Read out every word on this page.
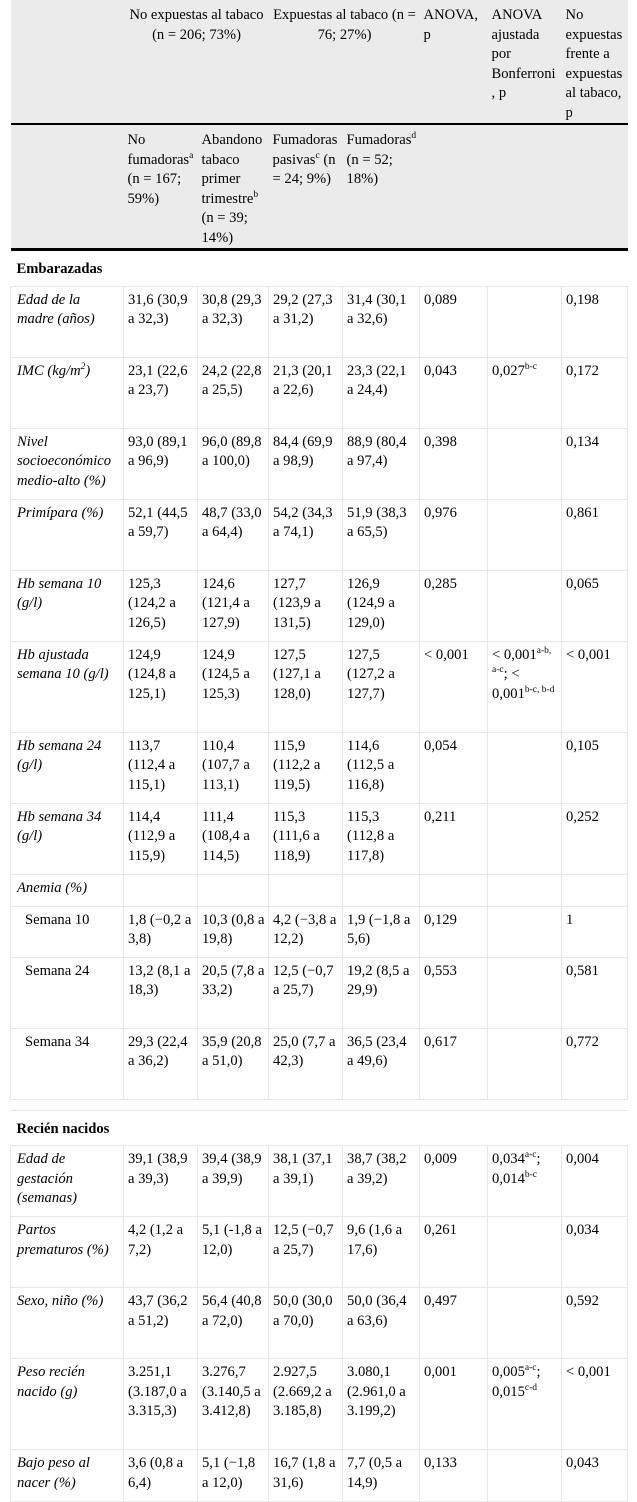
	No expuestas al tabaco (n = 206; 73%)		Expuestas al tabaco (n = 76; 27%)		ANOVA, p	ANOVA ajustada por Bonferroni, p	No expuestas frente a expuestas al tabaco, p
	No fumadoras$^a$ (n = 167; 59%)	Abandono tabaco primer trimestre$^b$ (n = 39; 14%)	Fumadoras pasivas$^c$ (n = 24; 9%)	Fumadoras$^d$ (n = 52; 18%)			
Embarazadas							
Edad de la madre (años)	31,6 (30,9 a 32,3)	30,8 (29,3 a 32,3)	29,2 (27,3 a 31,2)	31,4 (30,1 a 32,6)	0,089		0,198
IMC $(kg/m^2)$	23,1 (22,6 a 23,7)	24,2 (22,8 a 25,5)	21,3 (20,1 a 22,6)	23,3 (22,1 a 24,4)	0,043	0,027$^{b-c}$	0,172
Nivel socioeconómico medio-alto (%)	93,0 (89,1 a 96,9)	96,0 (89,8 a 100,0)	84,4 (69,9 a 98,9)	88,9 (80,4 a 97,4)	0,398		0,134
Primípara (%)	52,1 (44,5 a 59,7)	48,7 (33,0 a 64,4)	54,2 (34,3 a 74,1)	51,9 (38,3 a 65,5)	0,976		0,861
Hb semana 10 (g/l)	125,3 (124,2 a 126,5)	124,6 (121,4 a 127,9)	127,7 (123,9 a 131,5)	126,9 (124,9 a 129,0)	0,285		0,065
Hb ajustada semana 10 (g/l)	124,9 (124,8 a 125,1)	124,9 (124,5 a 125,3)	127,5 (127,1 a 128,0)	127,5 (127,2 a 127,7)	< 0,001	< $0,001^{a-b, a-c}$; < $0,001^{b-c, b-d}$	< 0,001
Hb semana 24 (g/l)	113,7 (112,4 a 115,1)	110,4 (107,7 a 113,1)	115,9 (112,2 a 119,5)	114,6 (112,5 a 116,8)	0,054		0,105
Hb semana 34 (g/l)	114,4 (112,9 a 115,9)	111,4 (108,4 a 114,5)	115,3 (111,6 a 118,9)	115,3 (112,8 a 117,8)	0,211		0,252
Anemia (%)							
Semana 10	1,8 (−0,2 a 3,8)	10,3 (0,8 a 19,8)	4,2 (−3,8 a 12,2)	1,9 (−1,8 a 5,6)	0,129		1
Semana 24	13,2 (8,1 a 18,3)	20,5 (7,8 a 33,2)	12,5 (−0,7 a 25,7)	19,2 (8,5 a 29,9)	0,553		0,581
Semana 34	29,3 (22,4 a 36,2)	35,9 (20,8 a 51,0)	25,0 (7,7 a 42,3)	36,5 (23,4 a 49,6)	0,617		0,772

Recién nacidos							
Edad de gestación (semanas)	39,1 (38,9 a 39,3)	39,4 (38,9 a 39,9)	38,1 (37,1 a 39,1)	38,7 (38,2 a 39,2)	0,009	0,034$^{a-c}$; 0,014$^{b-c}$	0,004
Partos prematuros (%)	4,2 (1,2 a 7,2)	5,1 (-1,8 a 12,0)	12,5 (−0,7 a 25,7)	9,6 (1,6 a 17,6)	0,261		0,034
Sexo, niño (%)	43,7 (36,2 a 51,2)	56,4 (40,8 a 72,0)	50,0 (30,0 a 70,0)	50,0 (36,4 a 63,6)	0,497		0,592
Peso recién nacido (g)	3.251,1 (3.187,0 a 3.315,3)	3.276,7 (3.140,5 a 3.412,8)	2.927,5 (2.669,2 a 3.185,8)	3.080,1 (2.961,0 a 3.199,2)	0,001	0,005$^{a-c}$; $0,015^{c-d}$	< 0,001
Bajo peso al nacer (%)	3,6 (0,8 a 6,4)	5,1 (−1,8 a 12,0)	16,7 (1,8 a 31,6)	7,7 (0,5 a 14,9)	0,133		0,043
